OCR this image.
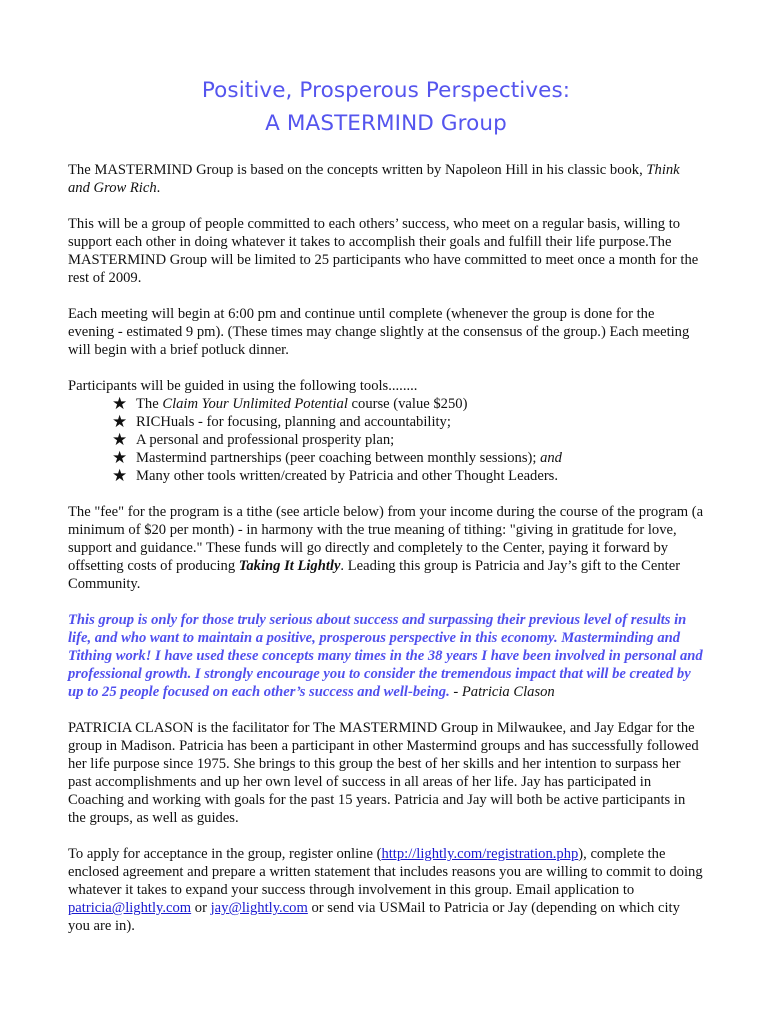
Positive, Prosperous Perspectives:
A MASTERMIND Group

The MASTERMIND Group is based on the concepts written by Napoleon Hill in his classic book, Think and Grow Rich.

This will be a group of people committed to each others’ success, who meet on a regular basis, willing to support each other in doing whatever it takes to accomplish their goals and fulfill their life purpose.The MASTERMIND Group will be limited to 25 participants who have committed to meet once a month for the rest of 2009.

Each meeting will begin at 6:00 pm and continue until complete (whenever the group is done for the evening - estimated 9 pm). (These times may change slightly at the consensus of the group.) Each meeting will begin with a brief potluck dinner.

Participants will be guided in using the following tools........
★ The Claim Your Unlimited Potential course (value $250)
★ RICHuals - for focusing, planning and accountability;
★ A personal and professional prosperity plan;
★ Mastermind partnerships (peer coaching between monthly sessions); and
★ Many other tools written/created by Patricia and other Thought Leaders.

The "fee" for the program is a tithe (see article below) from your income during the course of the program (a minimum of $20 per month) - in harmony with the true meaning of tithing: "giving in gratitude for love, support and guidance." These funds will go directly and completely to the Center, paying it forward by offsetting costs of producing Taking It Lightly. Leading this group is Patricia and Jay’s gift to the Center Community.

This group is only for those truly serious about success and surpassing their previous level of results in life, and who want to maintain a positive, prosperous perspective in this economy. Masterminding and Tithing work! I have used these concepts many times in the 38 years I have been involved in personal and professional growth. I strongly encourage you to consider the tremendous impact that will be created by up to 25 people focused on each other’s success and well-being. - Patricia Clason

PATRICIA CLASON is the facilitator for The MASTERMIND Group in Milwaukee, and Jay Edgar for the group in Madison. Patricia has been a participant in other Mastermind groups and has successfully followed her life purpose since 1975. She brings to this group the best of her skills and her intention to surpass her past accomplishments and up her own level of success in all areas of her life. Jay has participated in Coaching and working with goals for the past 15 years. Patricia and Jay will both be active participants in the groups, as well as guides.

To apply for acceptance in the group, register online (http://lightly.com/registration.php), complete the enclosed agreement and prepare a written statement that includes reasons you are willing to commit to doing whatever it takes to expand your success through involvement in this group. Email application to patricia@lightly.com or jay@lightly.com or send via USMail to Patricia or Jay (depending on which city you are in).
